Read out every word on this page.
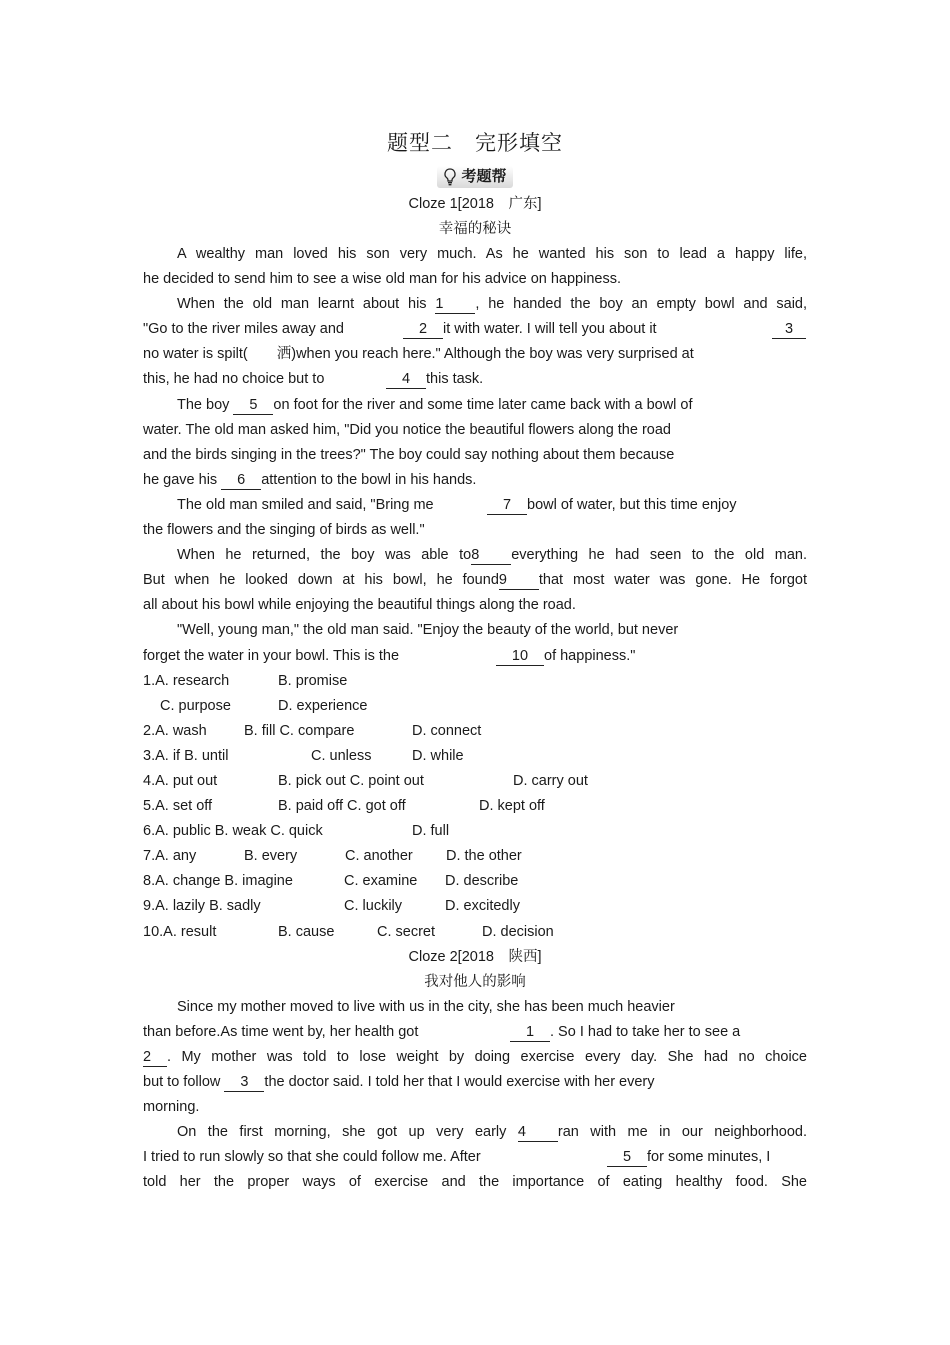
题型二　完形填空
考题帮
Cloze 1[2018　广东]
幸福的秘诀
A wealthy man loved his son very much. As he wanted his son to lead a happy life,
he decided to send him to see a wise old man for his advice on happiness.
When the old man learnt about his 1 , he handed the boy an empty bowl and said,
"Go to the river miles away and	2 it with water. I will tell you about it	3
no water is spilt(　　洒)when you reach here." Although the boy was very surprised at
this, he had no choice but to	4 this task.
The boy 5 on foot for the river and some time later came back with a bowl of
water. The old man asked him, "Did you notice the beautiful flowers along the road
and the birds singing in the trees?" The boy could say nothing about them because
he gave his 6 attention to the bowl in his hands.
The old man smiled and said, "Bring me	7 bowl of water, but this time enjoy
the flowers and the singing of birds as well."
When he returned, the boy was able to8 everything he had seen to the old man.
But when he looked down at his bowl, he found9 that most water was gone. He forgot
all about his bowl while enjoying the beautiful things along the road.
"Well, young man," the old man said. "Enjoy the beauty of the world, but never
forget the water in your bowl. This is the	10 of happiness."
1.A. research	B. promise
C. purpose	D. experience
2.A. wash	B. fill C. compare	D. connect
3.A. if B. until	C. unless	D. while
4.A. put out	B. pick out C. point out	D. carry out
5.A. set off	B. paid off C. got off	D. kept off
6.A. public B. weak C. quick	D. full
7.A. any	B. every	C. another D. the other
8.A. change B. imagine	C. examine D. describe
9.A. lazily B. sadly	C. luckily	D. excitedly
10.A. result	B. cause	C. secret	D. decision
Cloze 2[2018　陕西]
我对他人的影响
Since my mother moved to live with us in the city, she has been much heavier
than before.As time went by, her health got	1 . So I had to take her to see a
2 . My mother was told to lose weight by doing exercise every day. She had no choice
but to follow 3 the doctor said. I told her that I would exercise with her every
morning.
On the first morning, she got up very early 4 ran with me in our neighborhood.
I tried to run slowly so that she could follow me. After	5 for some minutes, I
told her the proper ways of exercise and the importance of eating healthy food. She
